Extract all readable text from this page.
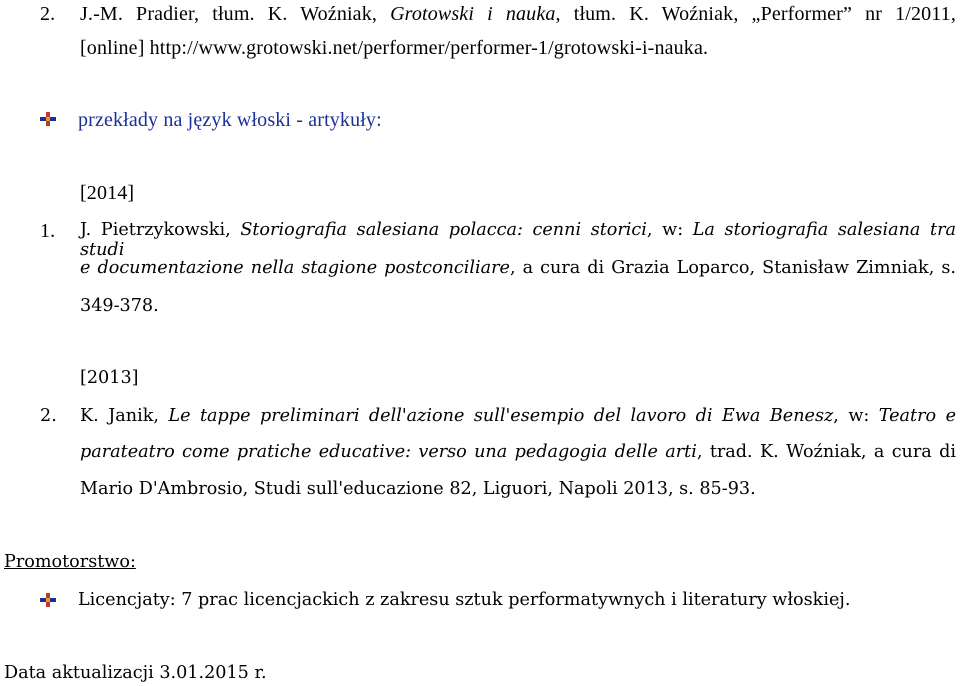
2. J.-M. Pradier, tłum. K. Woźniak, Grotowski i nauka, tłum. K. Woźniak, „Performer” nr 1/2011,
[online] http://www.grotowski.net/performer/performer-1/grotowski-i-nauka.
przekłady na język włoski - artykuły:
[2014]
1. J. Pietrzykowski, Storiografia salesiana polacca: cenni storici, w: La storiografia salesiana tra studi
e documentazione nella stagione postconciliare, a cura di Grazia Loparco, Stanisław Zimniak, s.
349-378.
[2013]
2. K. Janik, Le tappe preliminari dell'azione sull'esempio del lavoro di Ewa Benesz, w: Teatro e
parateatro come pratiche educative: verso una pedagogia delle arti, trad. K. Woźniak, a cura di
Mario D'Ambrosio, Studi sull'educazione 82, Liguori, Napoli 2013, s. 85-93.
Promotorstwo:
Licencjaty: 7 prac licencjackich z zakresu sztuk performatywnych i literatury włoskiej.
Data aktualizacji 3.01.2015 r.
